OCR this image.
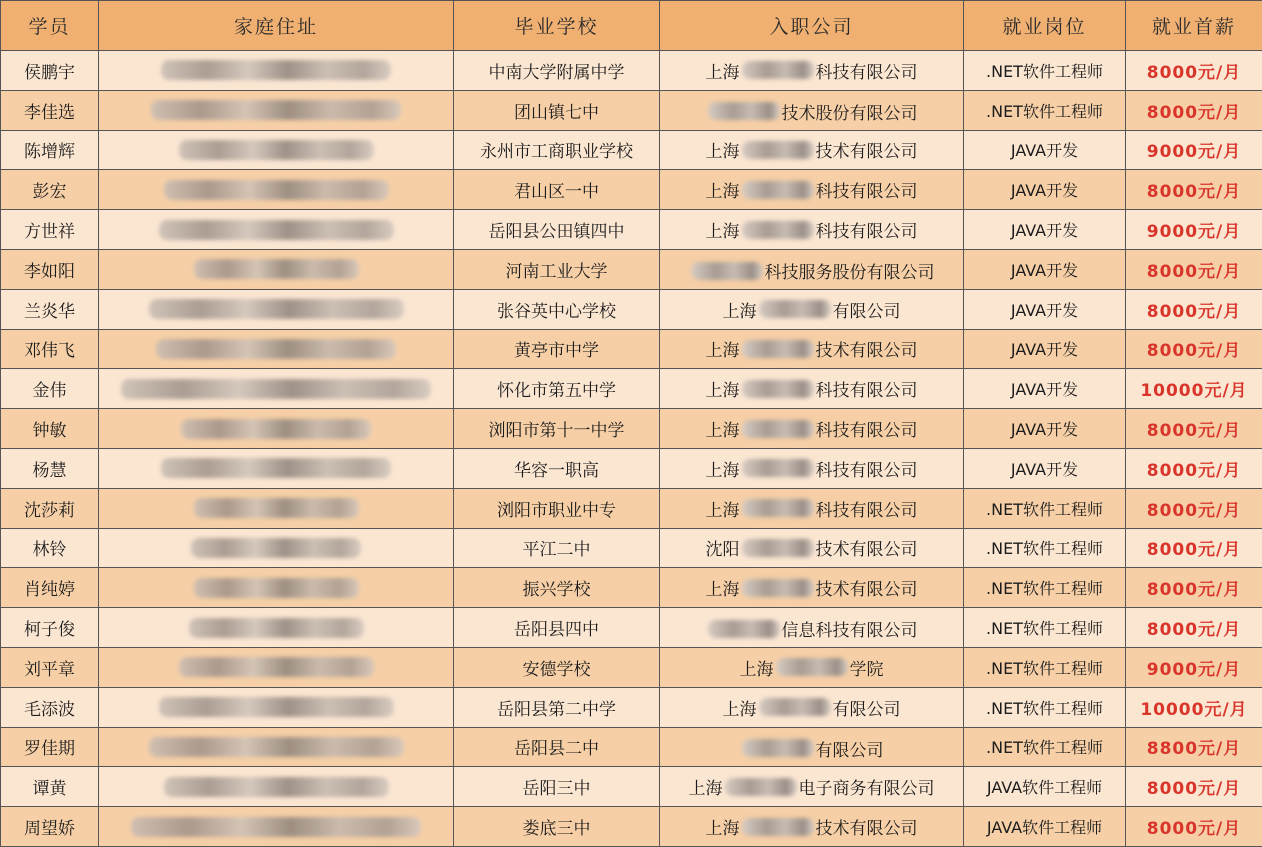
学员	家庭住址	毕业学校	入职公司	就业岗位	就业首薪
侯鹏宇		中南大学附属中学	上海 科技有限公司	.NET软件工程师	8000元/月
李佳选		团山镇七中	技术股份有限公司	.NET软件工程师	8000元/月
陈增辉		永州市工商职业学校	上海 技术有限公司	JAVA开发	9000元/月
彭宏		君山区一中	上海 科技有限公司	JAVA开发	8000元/月
方世祥		岳阳县公田镇四中	上海 科技有限公司	JAVA开发	9000元/月
李如阳		河南工业大学	科技服务股份有限公司	JAVA开发	8000元/月
兰炎华		张谷英中心学校	上海 有限公司	JAVA开发	8000元/月
邓伟飞		黄亭市中学	上海 技术有限公司	JAVA开发	8000元/月
金伟		怀化市第五中学	上海 科技有限公司	JAVA开发	10000元/月
钟敏		浏阳市第十一中学	上海 科技有限公司	JAVA开发	8000元/月
杨慧		华容一职高	上海 科技有限公司	JAVA开发	8000元/月
沈莎莉		浏阳市职业中专	上海 科技有限公司	.NET软件工程师	8000元/月
林铃		平江二中	沈阳 技术有限公司	.NET软件工程师	8000元/月
肖纯婷		振兴学校	上海 技术有限公司	.NET软件工程师	8000元/月
柯子俊		岳阳县四中	信息科技有限公司	.NET软件工程师	8000元/月
刘平章		安德学校	上海 学院	.NET软件工程师	9000元/月
毛添波		岳阳县第二中学	上海 有限公司	.NET软件工程师	10000元/月
罗佳期		岳阳县二中	有限公司	.NET软件工程师	8800元/月
谭黄		岳阳三中	上海 电子商务有限公司	JAVA软件工程师	8000元/月
周望娇		娄底三中	上海 技术有限公司	JAVA软件工程师	8000元/月
